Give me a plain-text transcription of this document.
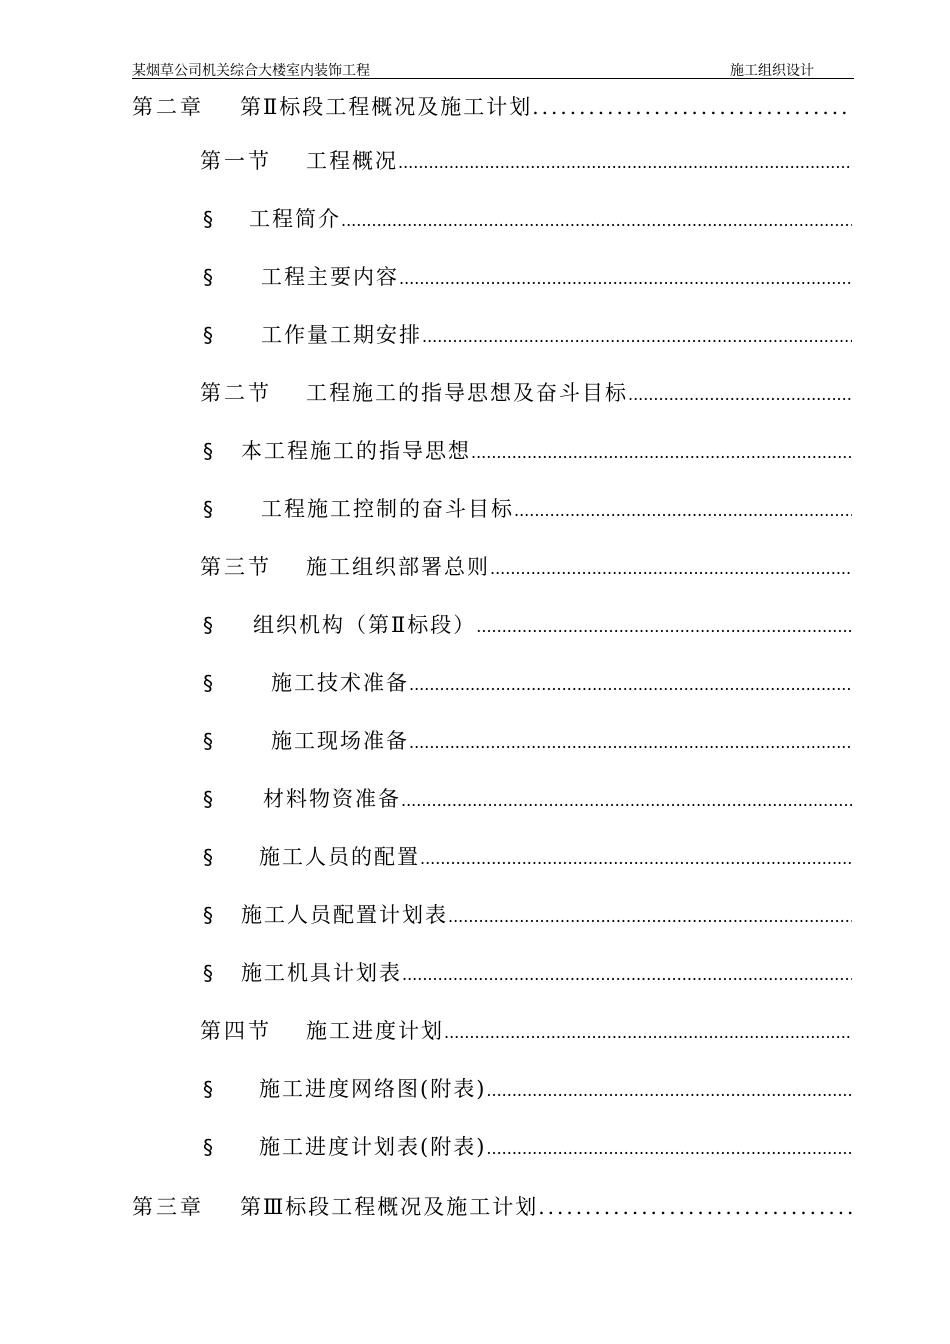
某烟草公司机关综合大楼室内装饰工程	施工组织设计
第二章	第Ⅱ标段工程概况及施工计划
.....
第一节	工程概况
.....
§	工程简介
.....
§	工程主要内容
.....
§	工作量工期安排
.....
第二节	工程施工的指导思想及奋斗目标
.....
§	本工程施工的指导思想
.....
§	工程施工控制的奋斗目标
.....
第三节	施工组织部署总则
.....
§	组织机构（第Ⅱ标段）
.....
§	施工技术准备
.....
§	施工现场准备
.....
§	材料物资准备
.....
§	施工人员的配置
.....
§	施工人员配置计划表
.....
§	施工机具计划表
.....
第四节	施工进度计划
.....
§	施工进度网络图(附表)
.....
§	施工进度计划表(附表)
.....
第三章	第Ⅲ标段工程概况及施工计划
.....
